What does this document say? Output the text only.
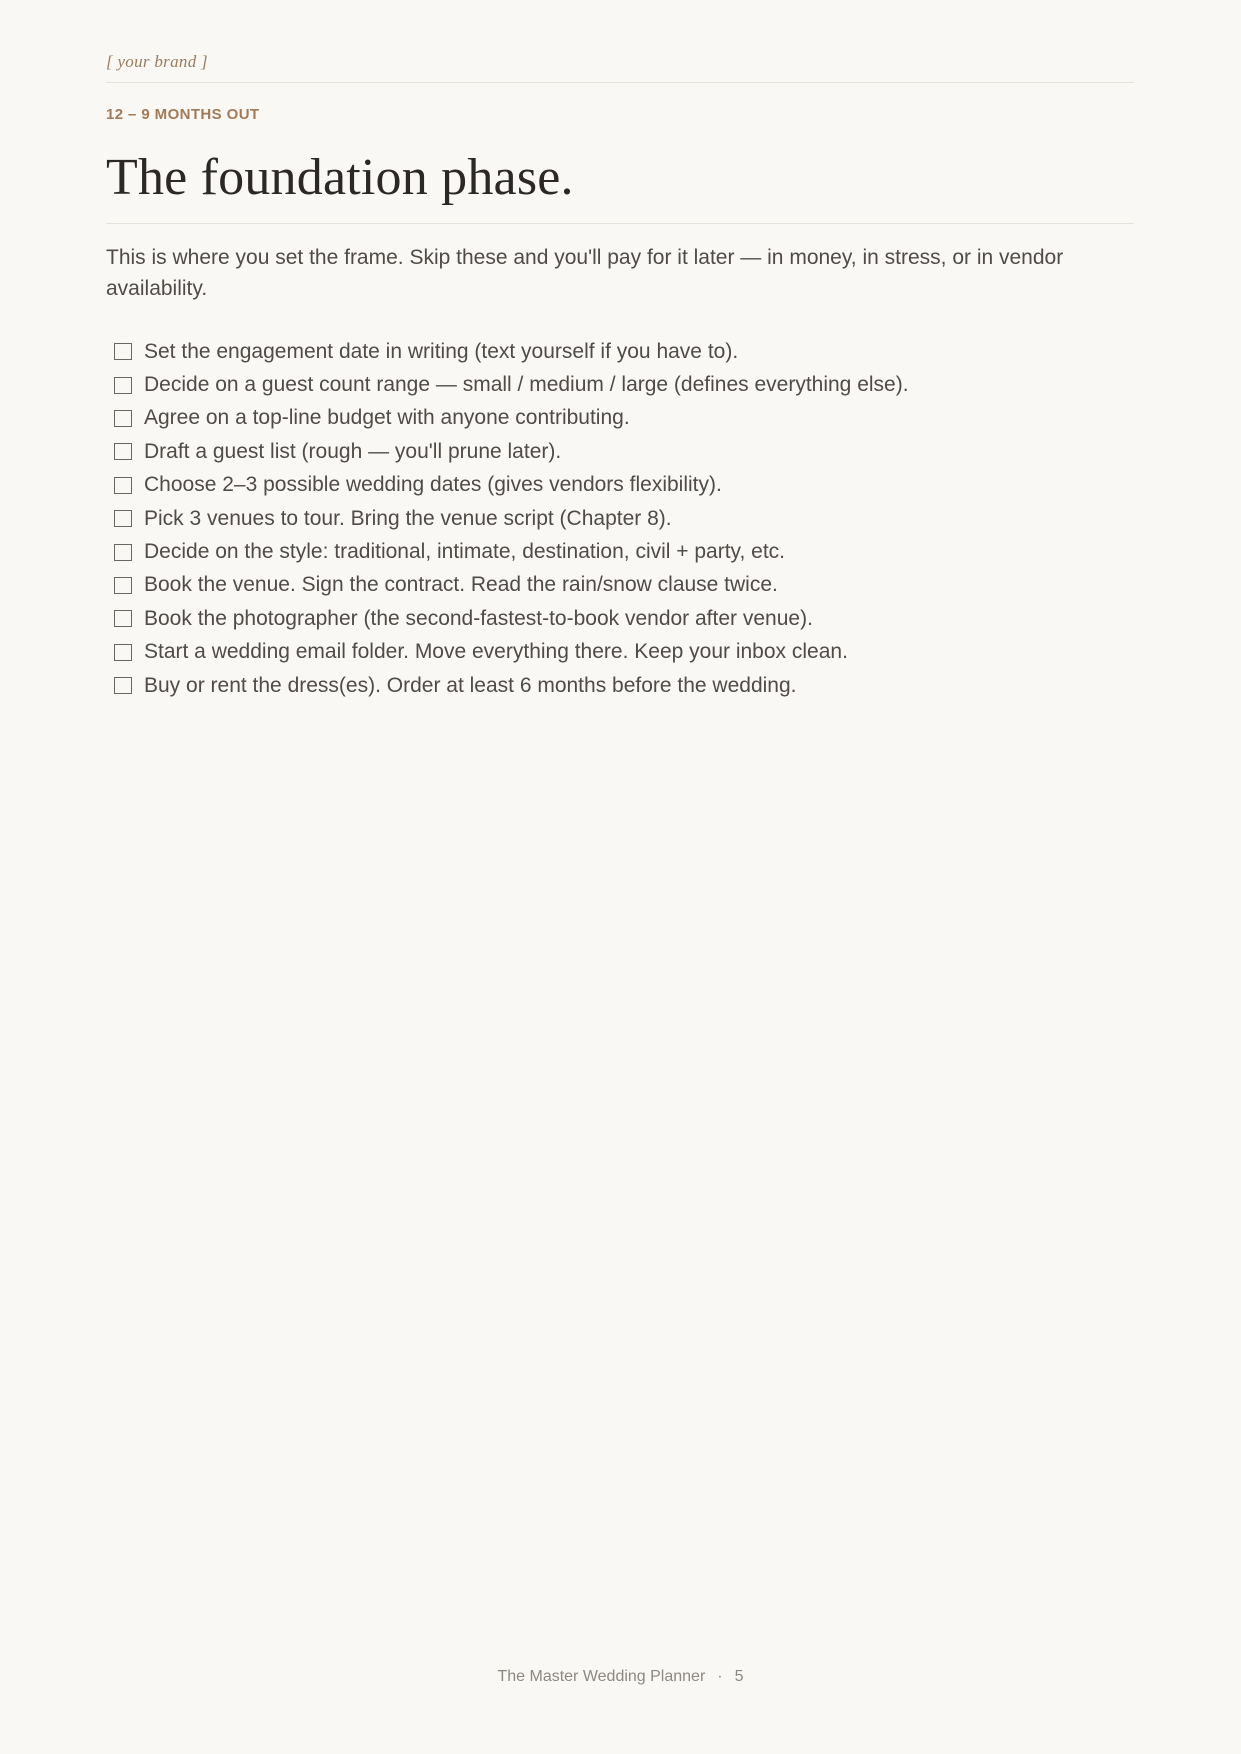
[ your brand ]
12 – 9 MONTHS OUT
The foundation phase.

This is where you set the frame. Skip these and you'll pay for it later — in money, in stress, or in vendor availability.

Set the engagement date in writing (text yourself if you have to).
Decide on a guest count range — small / medium / large (defines everything else).
Agree on a top-line budget with anyone contributing.
Draft a guest list (rough — you'll prune later).
Choose 2–3 possible wedding dates (gives vendors flexibility).
Pick 3 venues to tour. Bring the venue script (Chapter 8).
Decide on the style: traditional, intimate, destination, civil + party, etc.
Book the venue. Sign the contract. Read the rain/snow clause twice.
Book the photographer (the second-fastest-to-book vendor after venue).
Start a wedding email folder. Move everything there. Keep your inbox clean.
Buy or rent the dress(es). Order at least 6 months before the wedding.
The Master Wedding Planner · 5
